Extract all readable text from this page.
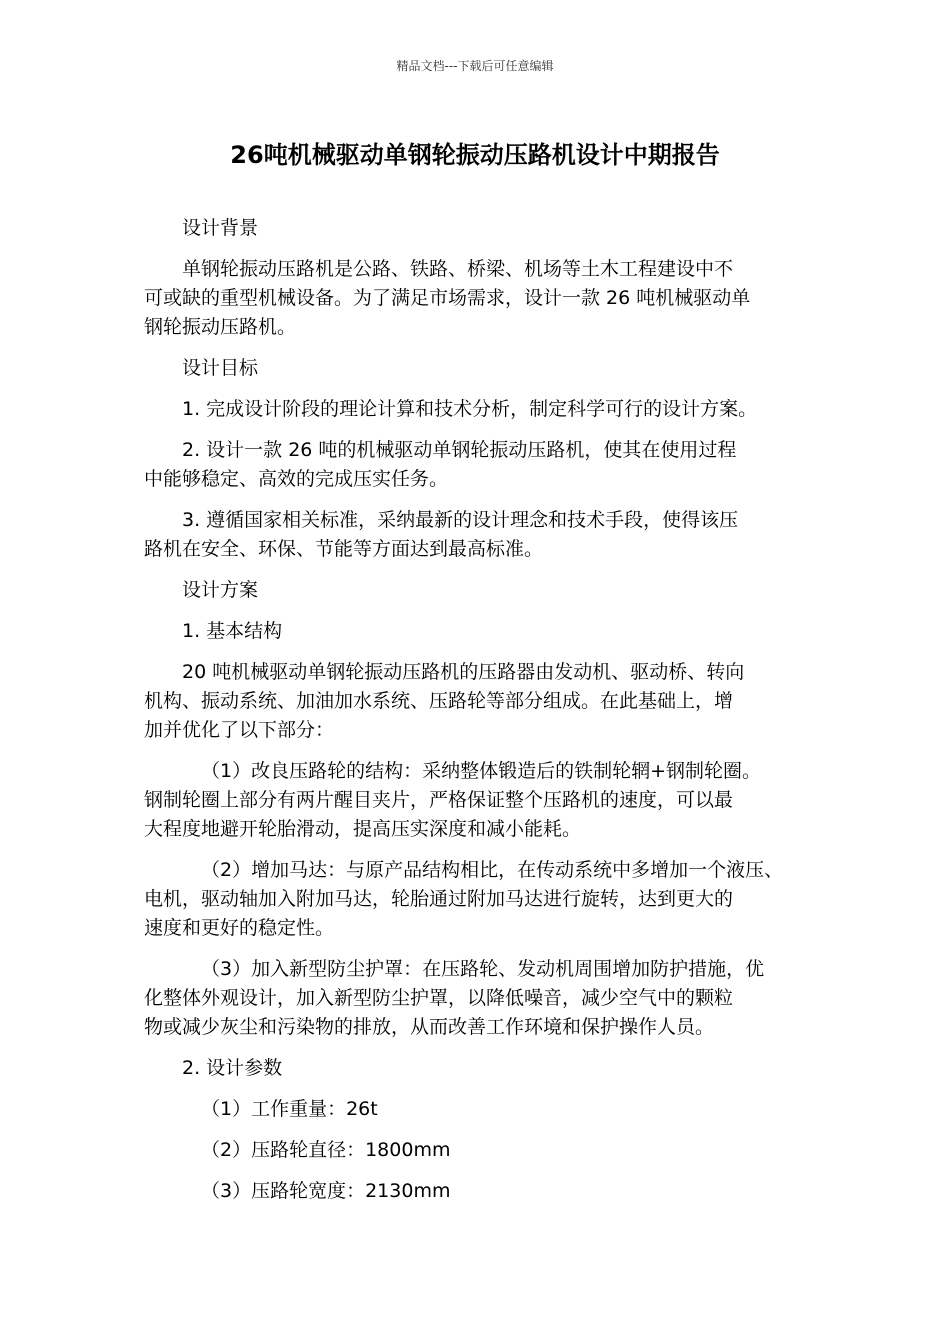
精品文档---下载后可任意编辑
26吨机械驱动单钢轮振动压路机设计中期报告

设计背景

单钢轮振动压路机是公路、铁路、桥梁、机场等土木工程建设中不
可或缺的重型机械设备。为了满足市场需求，设计一款 26 吨机械驱动单
钢轮振动压路机。

设计目标

1. 完成设计阶段的理论计算和技术分析，制定科学可行的设计方案。

2. 设计一款 26 吨的机械驱动单钢轮振动压路机，使其在使用过程
中能够稳定、高效的完成压实任务。

3. 遵循国家相关标准，采纳最新的设计理念和技术手段，使得该压
路机在安全、环保、节能等方面达到最高标准。

设计方案

1. 基本结构

20 吨机械驱动单钢轮振动压路机的压路器由发动机、驱动桥、转向
机构、振动系统、加油加水系统、压路轮等部分组成。在此基础上，增
加并优化了以下部分：

（1）改良压路轮的结构：采纳整体锻造后的铁制轮辋+钢制轮圈。
钢制轮圈上部分有两片醒目夹片，严格保证整个压路机的速度，可以最
大程度地避开轮胎滑动，提高压实深度和减小能耗。

（2）增加马达：与原产品结构相比，在传动系统中多增加一个液压、
电机，驱动轴加入附加马达，轮胎通过附加马达进行旋转，达到更大的
速度和更好的稳定性。

（3）加入新型防尘护罩：在压路轮、发动机周围增加防护措施，优
化整体外观设计，加入新型防尘护罩，以降低噪音，减少空气中的颗粒
物或减少灰尘和污染物的排放，从而改善工作环境和保护操作人员。

2. 设计参数

（1）工作重量：26t

（2）压路轮直径：1800mm

（3）压路轮宽度：2130mm
